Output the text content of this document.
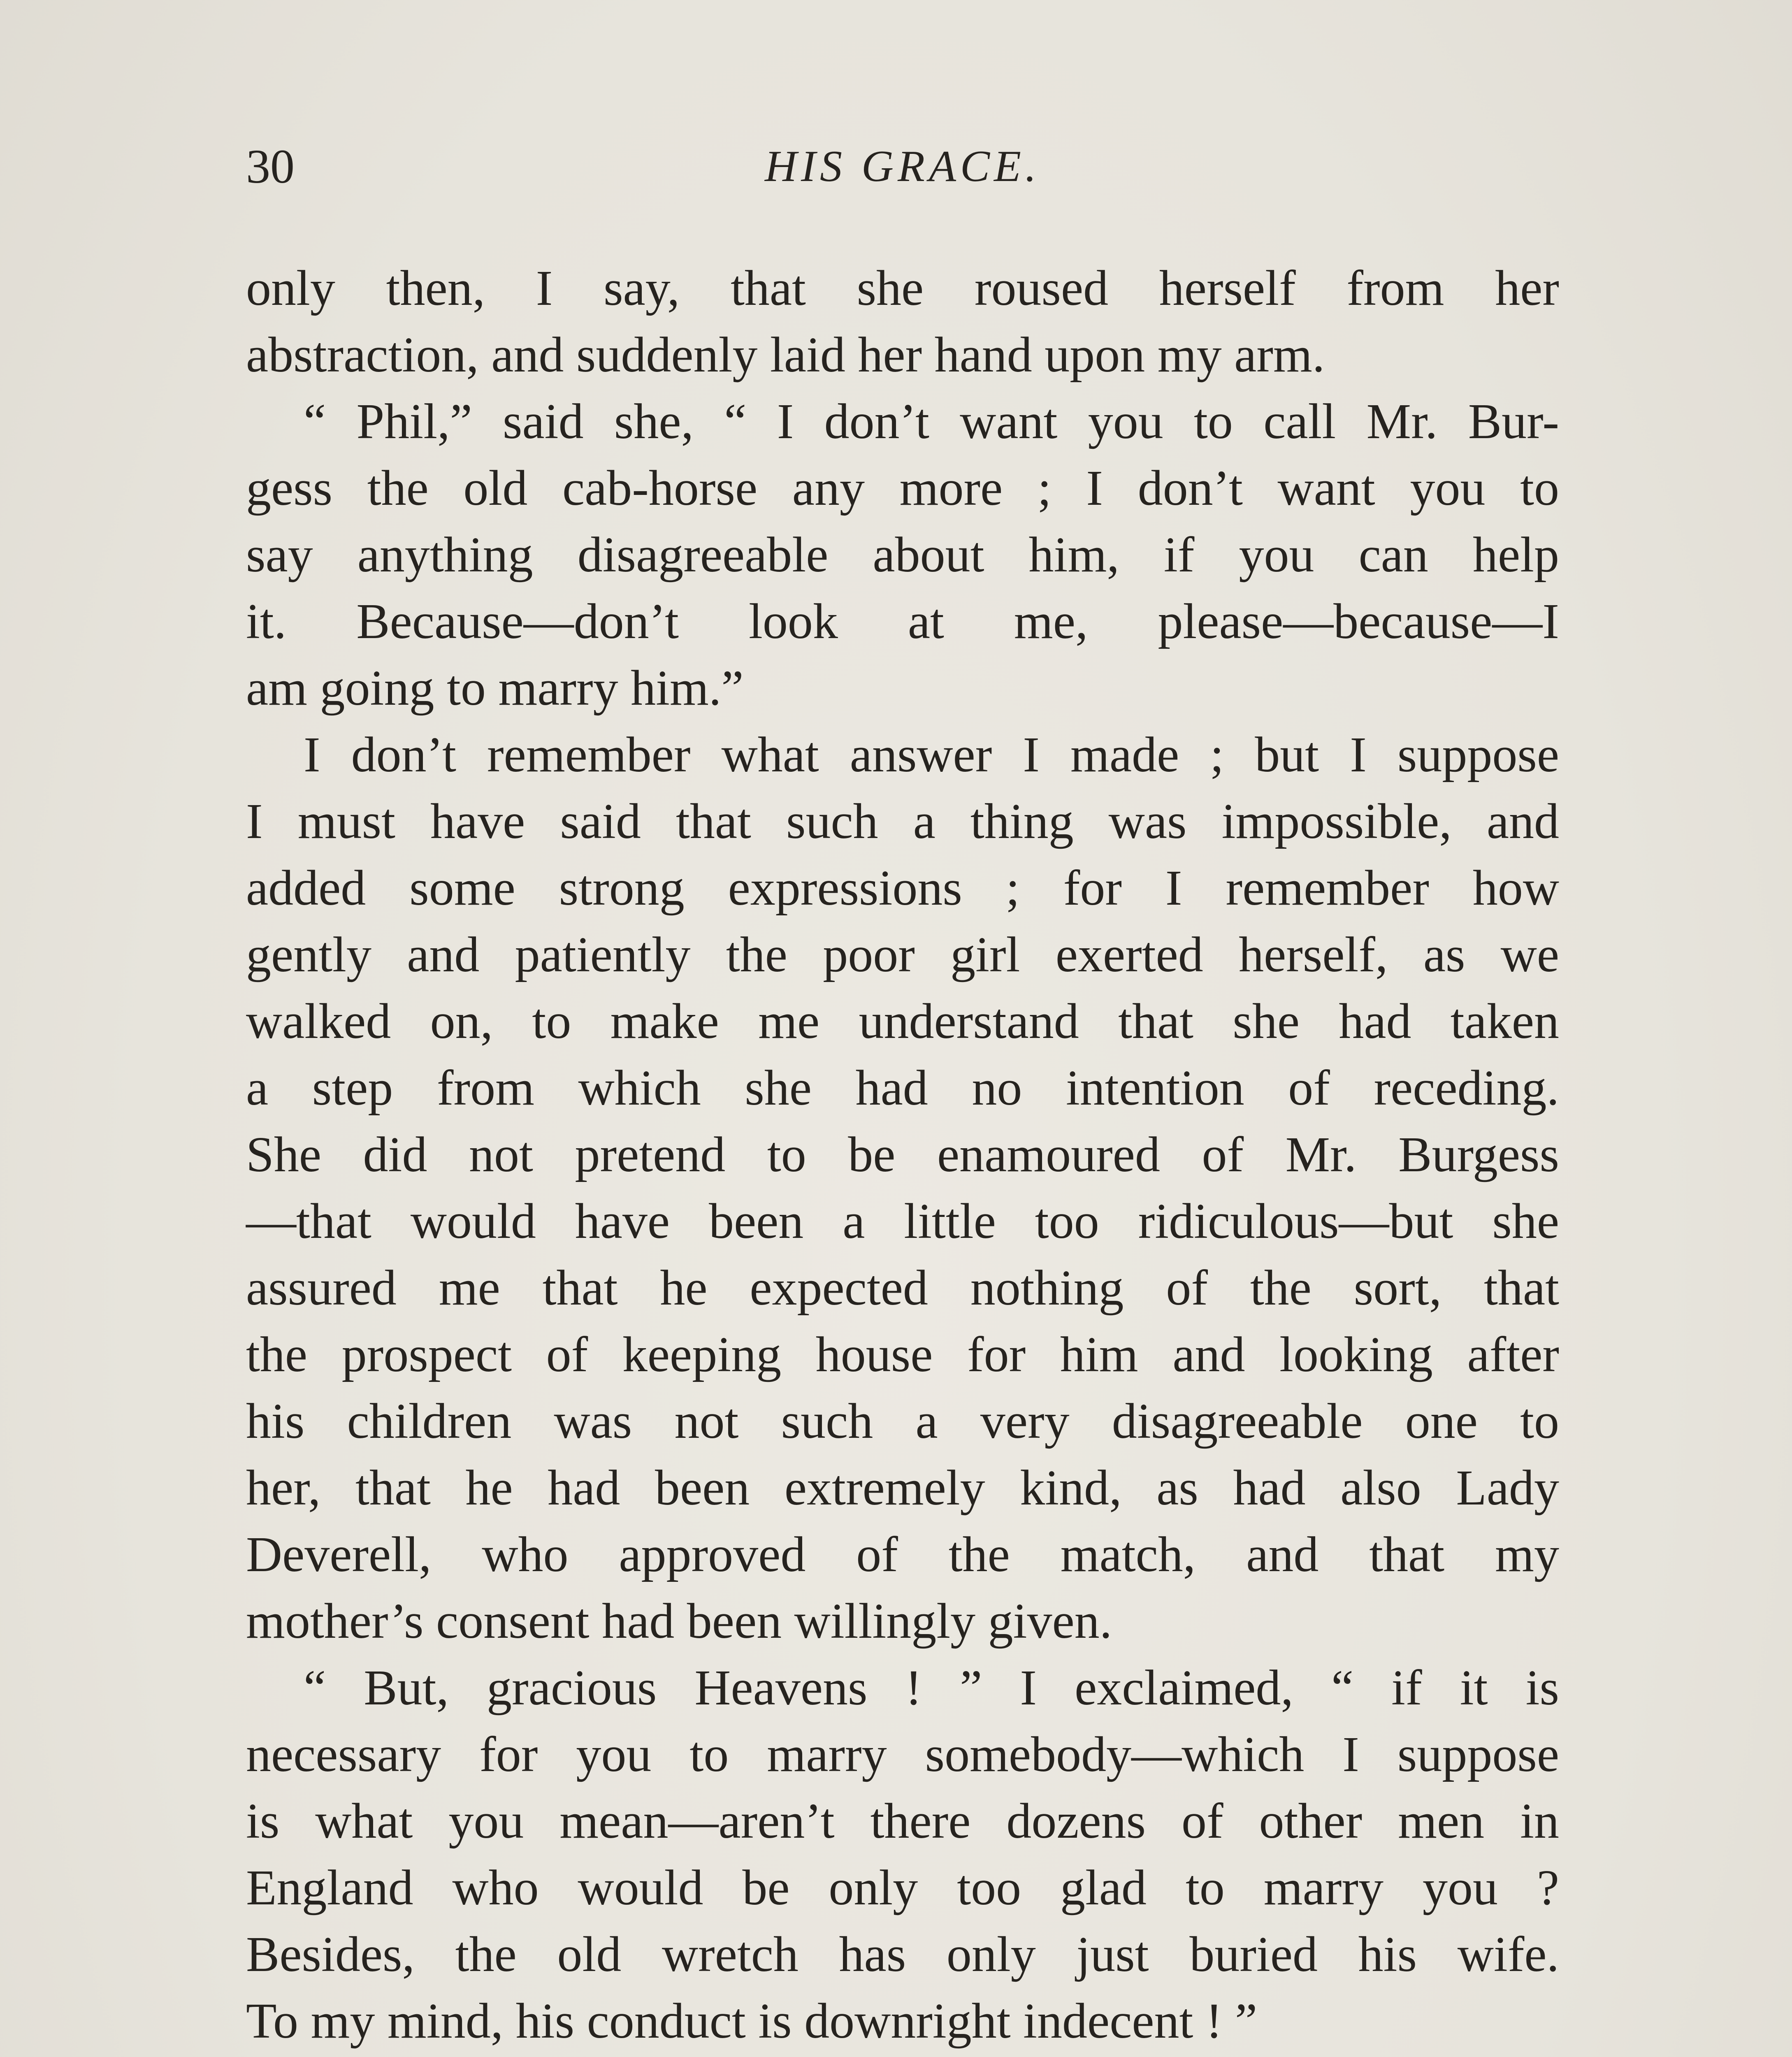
30	HIS GRACE.
only then, I say, that she roused herself from her
abstraction, and suddenly laid her hand upon my arm.
“ Phil,” said she, “ I don’t want you to call Mr. Bur-
gess the old cab-horse any more ; I don’t want you to
say anything disagreeable about him, if you can help
it. Because—don’t look at me, please—because—I
am going to marry him.”
I don’t remember what answer I made ; but I suppose
I must have said that such a thing was impossible, and
added some strong expressions ; for I remember how
gently and patiently the poor girl exerted herself, as we
walked on, to make me understand that she had taken
a step from which she had no intention of receding.
She did not pretend to be enamoured of Mr. Burgess
—that would have been a little too ridiculous—but she
assured me that he expected nothing of the sort, that
the prospect of keeping house for him and looking after
his children was not such a very disagreeable one to
her, that he had been extremely kind, as had also Lady
Deverell, who approved of the match, and that my
mother’s consent had been willingly given.
“ But, gracious Heavens ! ” I exclaimed, “ if it is
necessary for you to marry somebody—which I suppose
is what you mean—aren’t there dozens of other men in
England who would be only too glad to marry you ?
Besides, the old wretch has only just buried his wife.
To my mind, his conduct is downright indecent ! ”
